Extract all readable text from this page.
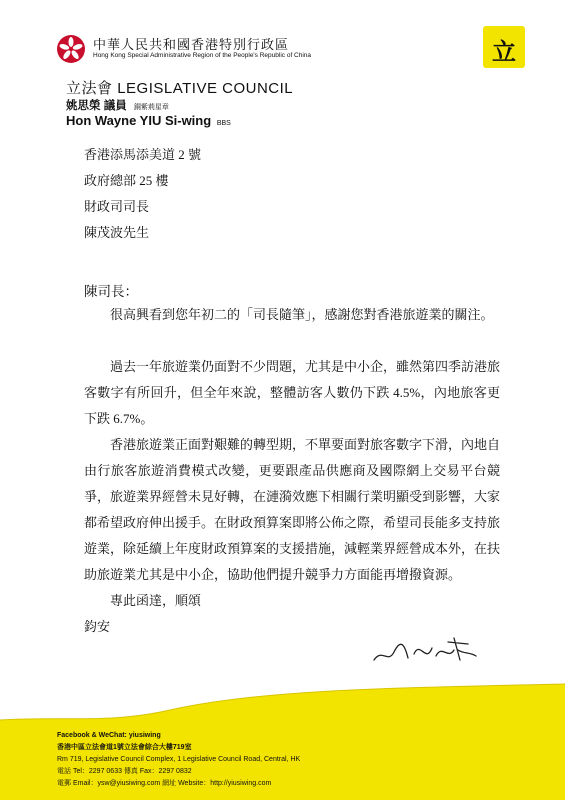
中華人民共和國香港特別行政區
Hong Kong Special Administrative Region of the People's Republic of China	立
立法會 LEGISLATIVE COUNCIL
姚思榮 議員 銅紫荊星章
Hon Wayne YIU Si-wing BBS
香港添馬添美道 2 號
政府總部 25 樓
財政司司長
陳茂波先生
陳司長：
很高興看到您年初二的「司長隨筆」，感謝您對香港旅遊業的關注。
過去一年旅遊業仍面對不少問題，尤其是中小企，雖然第四季訪港旅客數字有所回升，但全年來說，整體訪客人數仍下跌 4.5%，內地旅客更下跌 6.7%。
香港旅遊業正面對艱難的轉型期，不單要面對旅客數字下滑，內地自由行旅客旅遊消費模式改變，更要跟產品供應商及國際網上交易平台競爭，旅遊業界經營未見好轉，在漣漪效應下相關行業明顯受到影響，大家都希望政府伸出援手。在財政預算案即將公佈之際，希望司長能多支持旅遊業，除延續上年度財政預算案的支援措施，減輕業界經營成本外，在扶助旅遊業尤其是中小企，協助他們提升競爭力方面能再增撥資源。
專此函達，順頌
鈞安
Facebook & WeChat: yiusiwing
香港中區立法會道1號立法會綜合大樓719室
Rm 719, Legislative Council Complex, 1 Legislative Council Road, Central, HK
電話 Tel：2297 0633 傳真 Fax：2297 0832
電郵 Email：ysw@yiusiwing.com 網址 Website：http://yiusiwing.com
